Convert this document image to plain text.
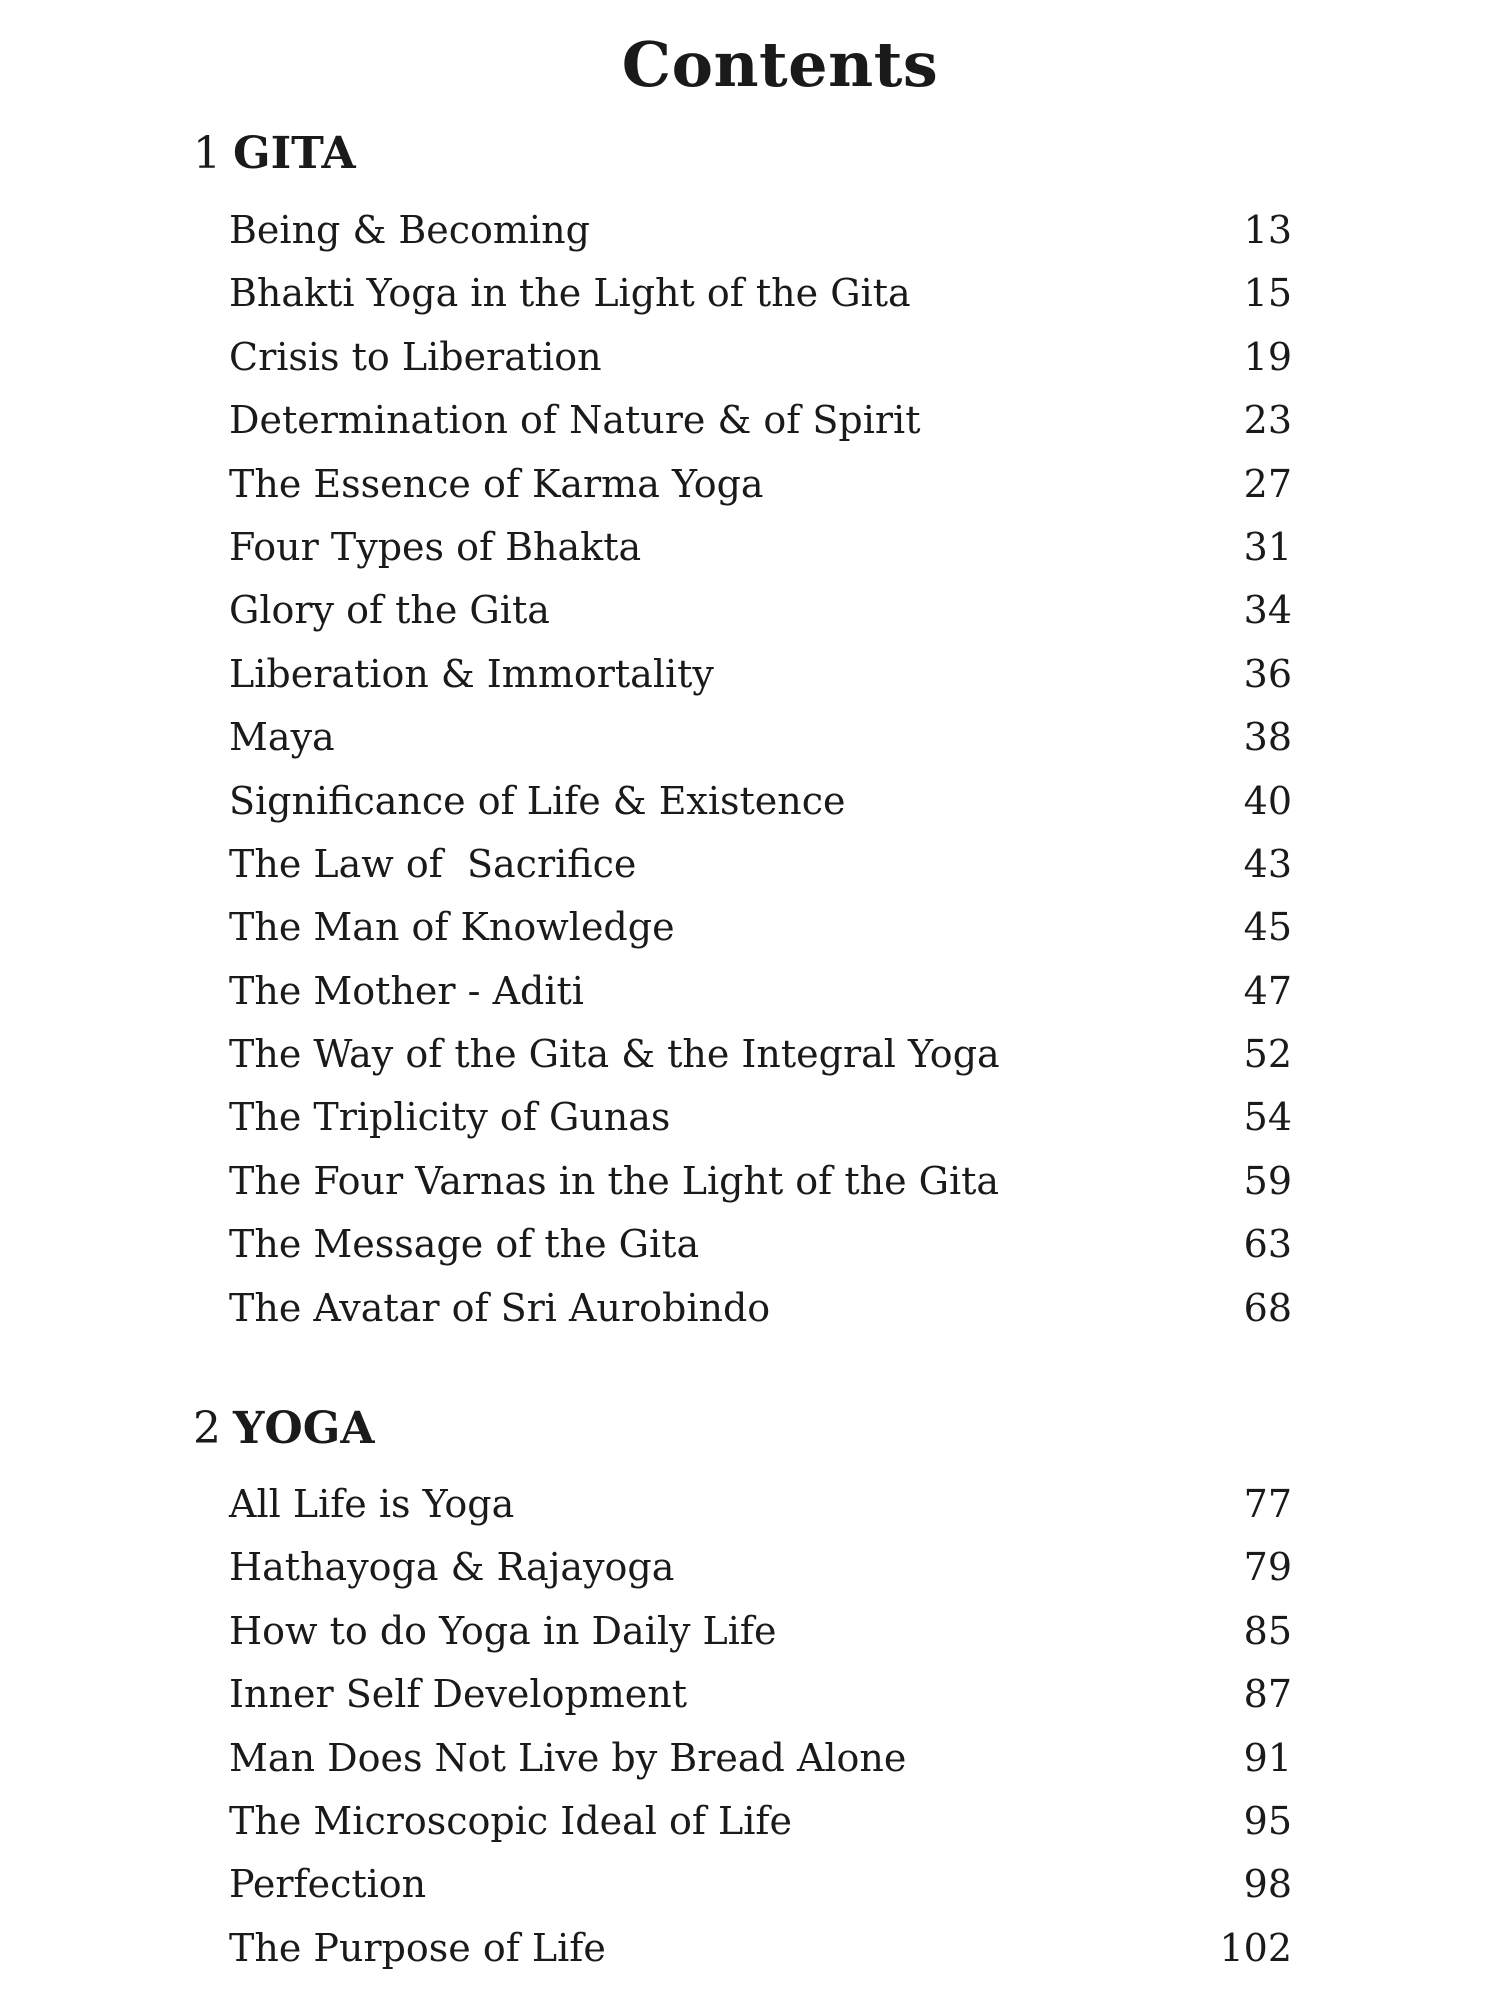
Contents
1 GITA
Being & Becoming	13
Bhakti Yoga in the Light of the Gita	15
Crisis to Liberation	19
Determination of Nature & of Spirit	23
The Essence of Karma Yoga	27
Four Types of Bhakta	31
Glory of the Gita	34
Liberation & Immortality	36
Maya	38
Significance of Life & Existence	40
The Law of  Sacrifice	43
The Man of Knowledge	45
The Mother - Aditi	47
The Way of the Gita & the Integral Yoga	52
The Triplicity of Gunas	54
The Four Varnas in the Light of the Gita	59
The Message of the Gita	63
The Avatar of Sri Aurobindo	68
2 YOGA
All Life is Yoga	77
Hathayoga & Rajayoga	79
How to do Yoga in Daily Life	85
Inner Self Development	87
Man Does Not Live by Bread Alone	91
The Microscopic Ideal of Life	95
Perfection	98
The Purpose of Life	102
